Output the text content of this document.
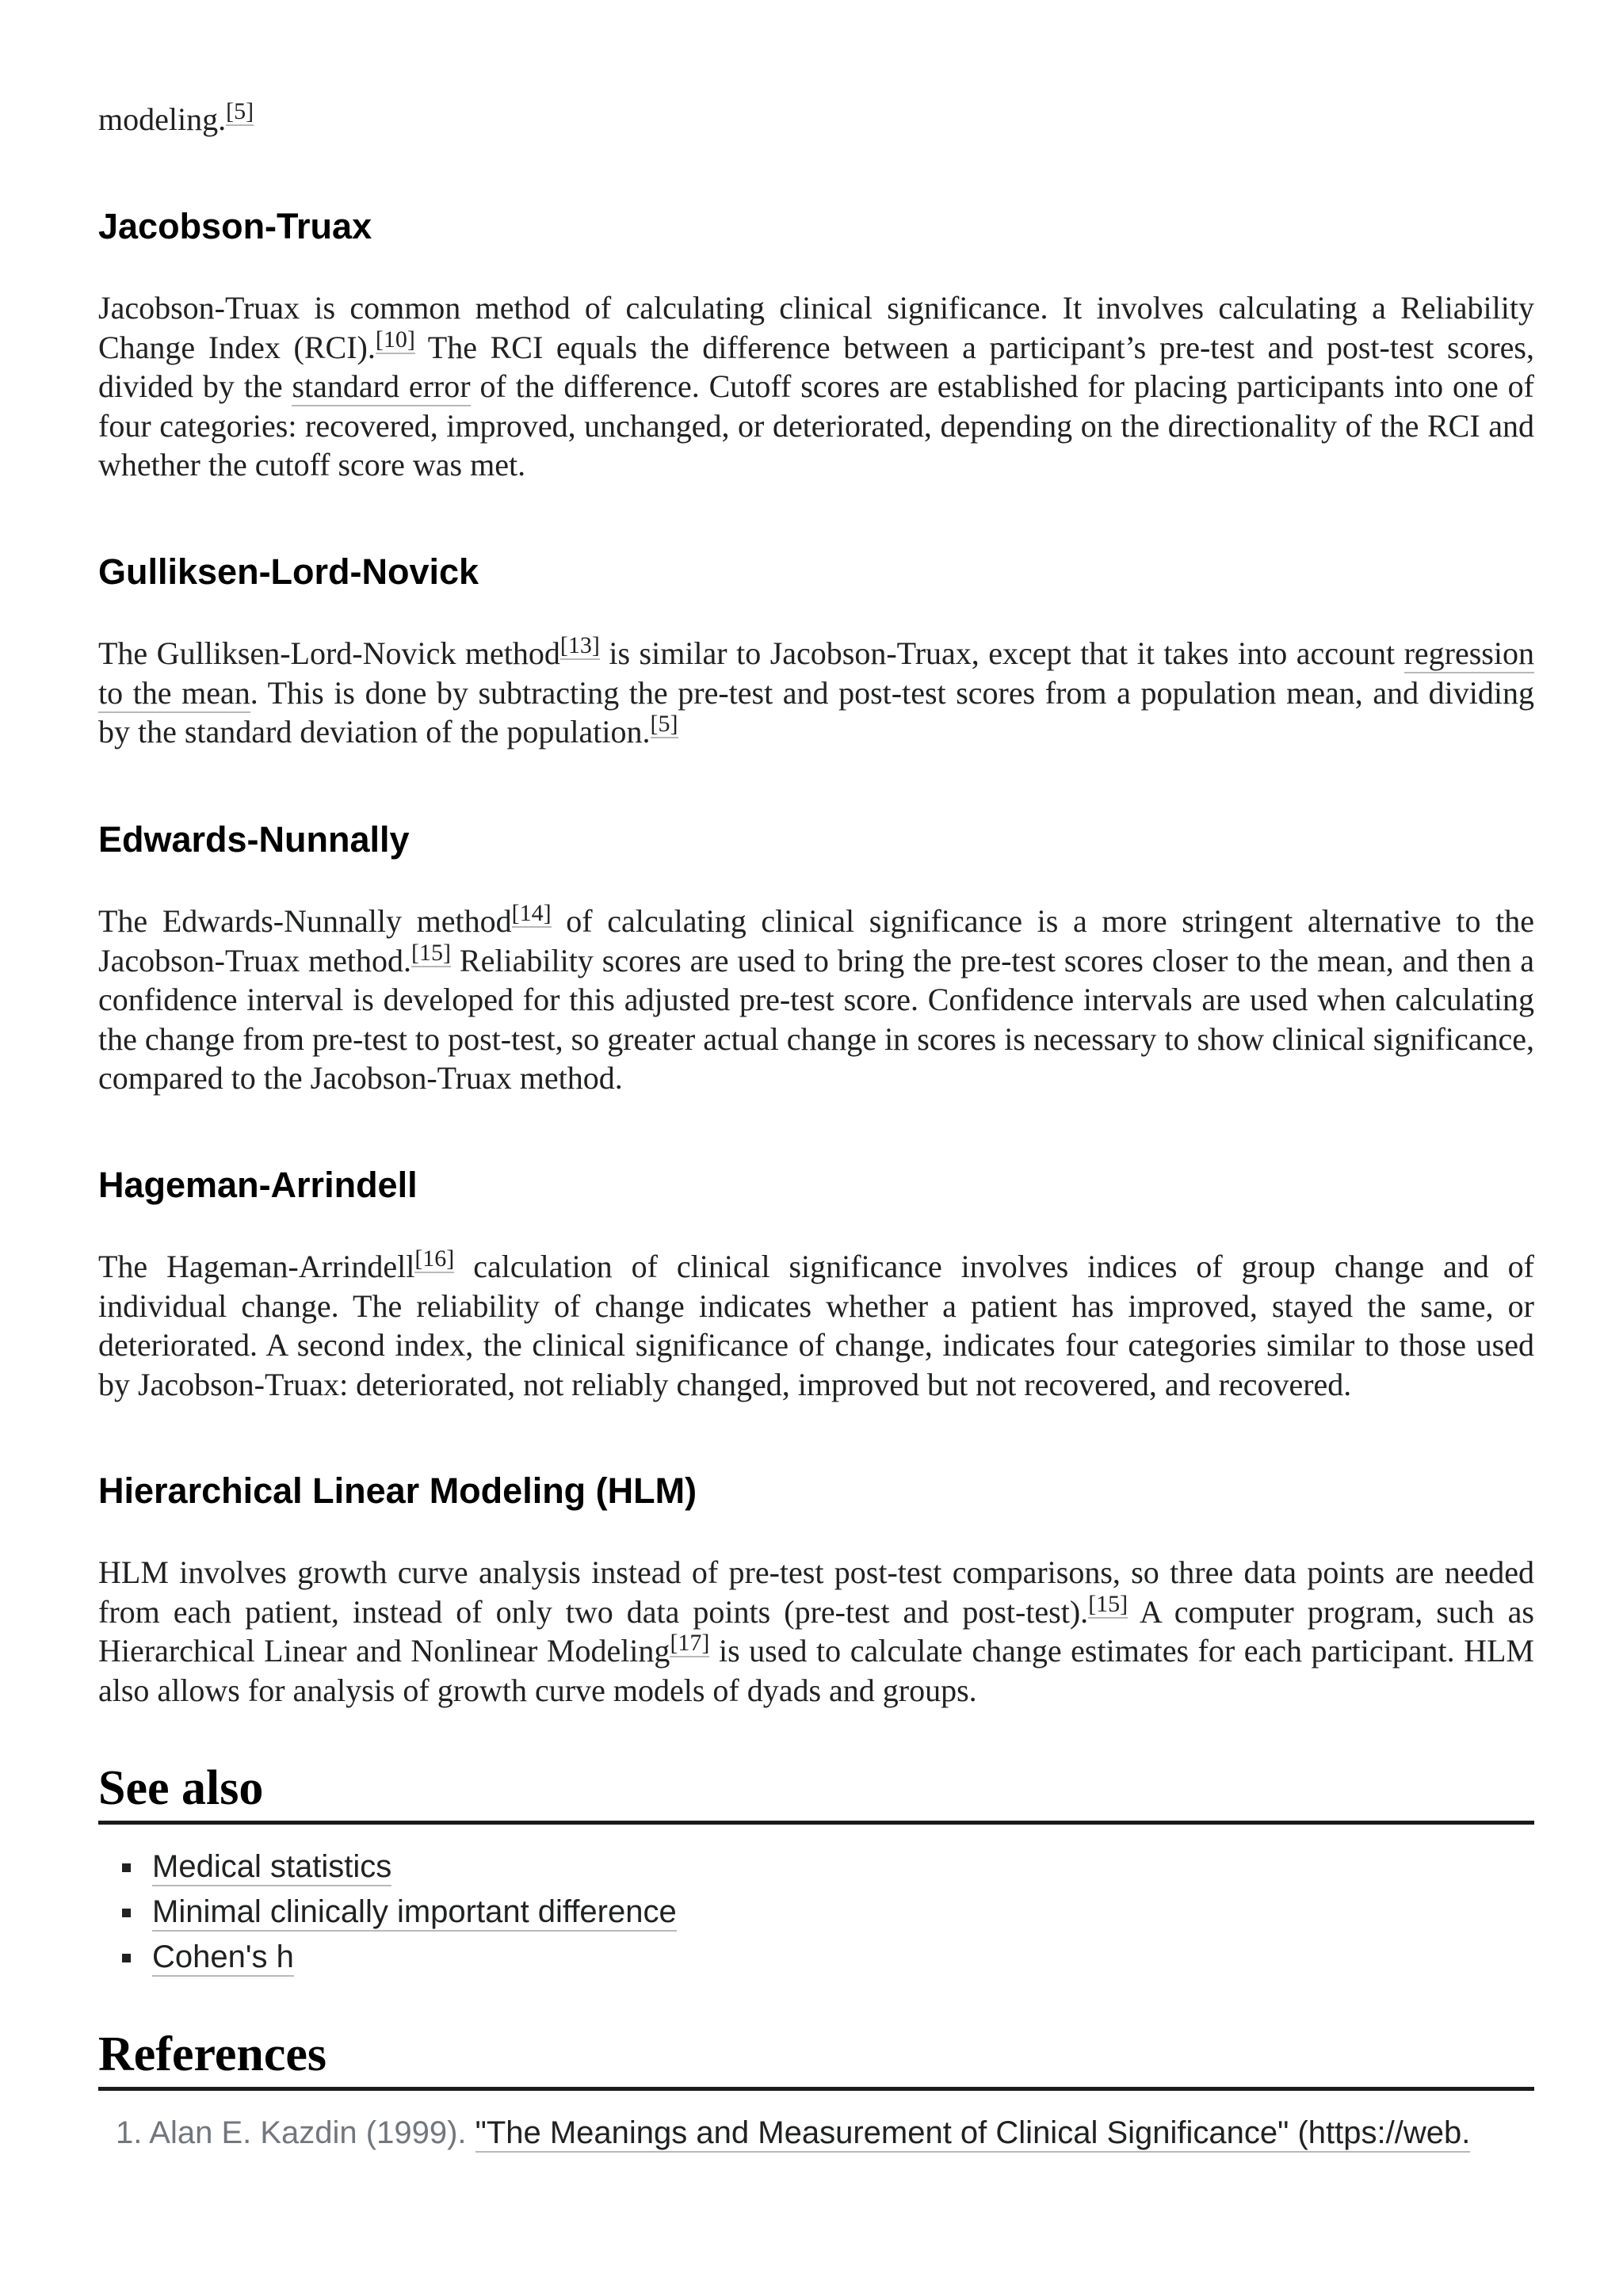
modeling.[5]

Jacobson-Truax

Jacobson-Truax is common method of calculating clinical significance. It involves calculating a Reliability Change Index (RCI).[10] The RCI equals the difference between a participant’s pre-test and post-test scores, divided by the standard error of the difference. Cutoff scores are established for placing participants into one of four categories: recovered, improved, unchanged, or deteriorated, depending on the directionality of the RCI and whether the cutoff score was met.

Gulliksen-Lord-Novick

The Gulliksen-Lord-Novick method[13] is similar to Jacobson-Truax, except that it takes into account regression to the mean. This is done by subtracting the pre-test and post-test scores from a population mean, and dividing by the standard deviation of the population.[5]

Edwards-Nunnally

The Edwards-Nunnally method[14] of calculating clinical significance is a more stringent alternative to the Jacobson-Truax method.[15] Reliability scores are used to bring the pre-test scores closer to the mean, and then a confidence interval is developed for this adjusted pre-test score. Confidence intervals are used when calculating the change from pre-test to post-test, so greater actual change in scores is necessary to show clinical significance, compared to the Jacobson-Truax method.

Hageman-Arrindell

The Hageman-Arrindell[16] calculation of clinical significance involves indices of group change and of individual change. The reliability of change indicates whether a patient has improved, stayed the same, or deteriorated. A second index, the clinical significance of change, indicates four categories similar to those used by Jacobson-Truax: deteriorated, not reliably changed, improved but not recovered, and recovered.

Hierarchical Linear Modeling (HLM)

HLM involves growth curve analysis instead of pre-test post-test comparisons, so three data points are needed from each patient, instead of only two data points (pre-test and post-test).[15] A computer program, such as Hierarchical Linear and Nonlinear Modeling[17] is used to calculate change estimates for each participant. HLM also allows for analysis of growth curve models of dyads and groups.

See also
Medical statistics
Minimal clinically important difference
Cohen's h
References
1. Alan E. Kazdin (1999). "The Meanings and Measurement of Clinical Significance" (https://web.
